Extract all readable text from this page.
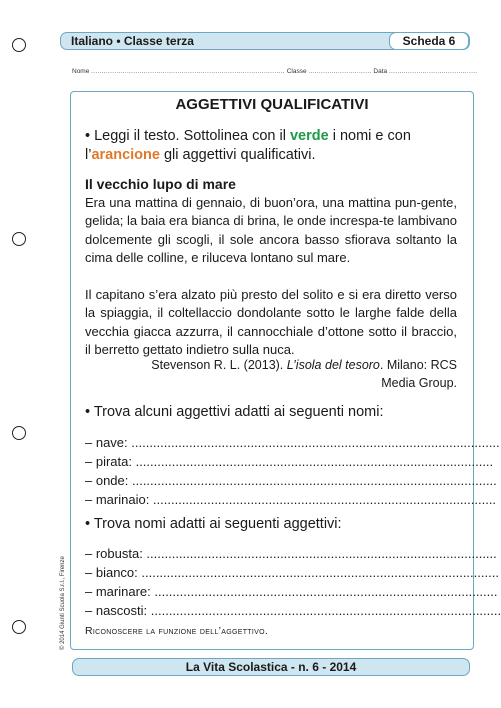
Italiano • Classe terza	Scheda 6
Nome ............................................................................................ Classe .............................. Data ..........................................
AGGETTIVI QUALIFICATIVI
• Leggi il testo. Sottolinea con il verde i nomi e con l’arancione gli aggettivi qualificativi.
Il vecchio lupo di mare

Era una mattina di gennaio, di buon’ora, una mattina pun-gente, gelida; la baia era bianca di brina, le onde increspa-te lambivano dolcemente gli scogli, il sole ancora basso sfiorava soltanto la cima delle colline, e riluceva lontano sul mare.

Il capitano s’era alzato più presto del solito e si era diretto verso la spiaggia, il coltellaccio dondolante sotto le larghe falde della vecchia giacca azzurra, il cannocchiale d’ottone sotto il braccio, il berretto gettato indietro sulla nuca.

Stevenson R. L. (2013). L’isola del tesoro. Milano: RCS Media Group.
• Trova alcuni aggettivi adatti ai seguenti nomi:
– nave: ......................................................................................................
– pirata: ...................................................................................................
– onde: .....................................................................................................
– marinaio: ...............................................................................................
• Trova nomi adatti ai seguenti aggettivi:
– robusta: .................................................................................................
– bianco: ...................................................................................................
– marinare: ...............................................................................................
– nascosti: .................................................................................................
Riconoscere la funzione dell’aggettivo.
© 2014 Giunti Scuola S.r.l., Firenze
La Vita Scolastica - n. 6 - 2014
